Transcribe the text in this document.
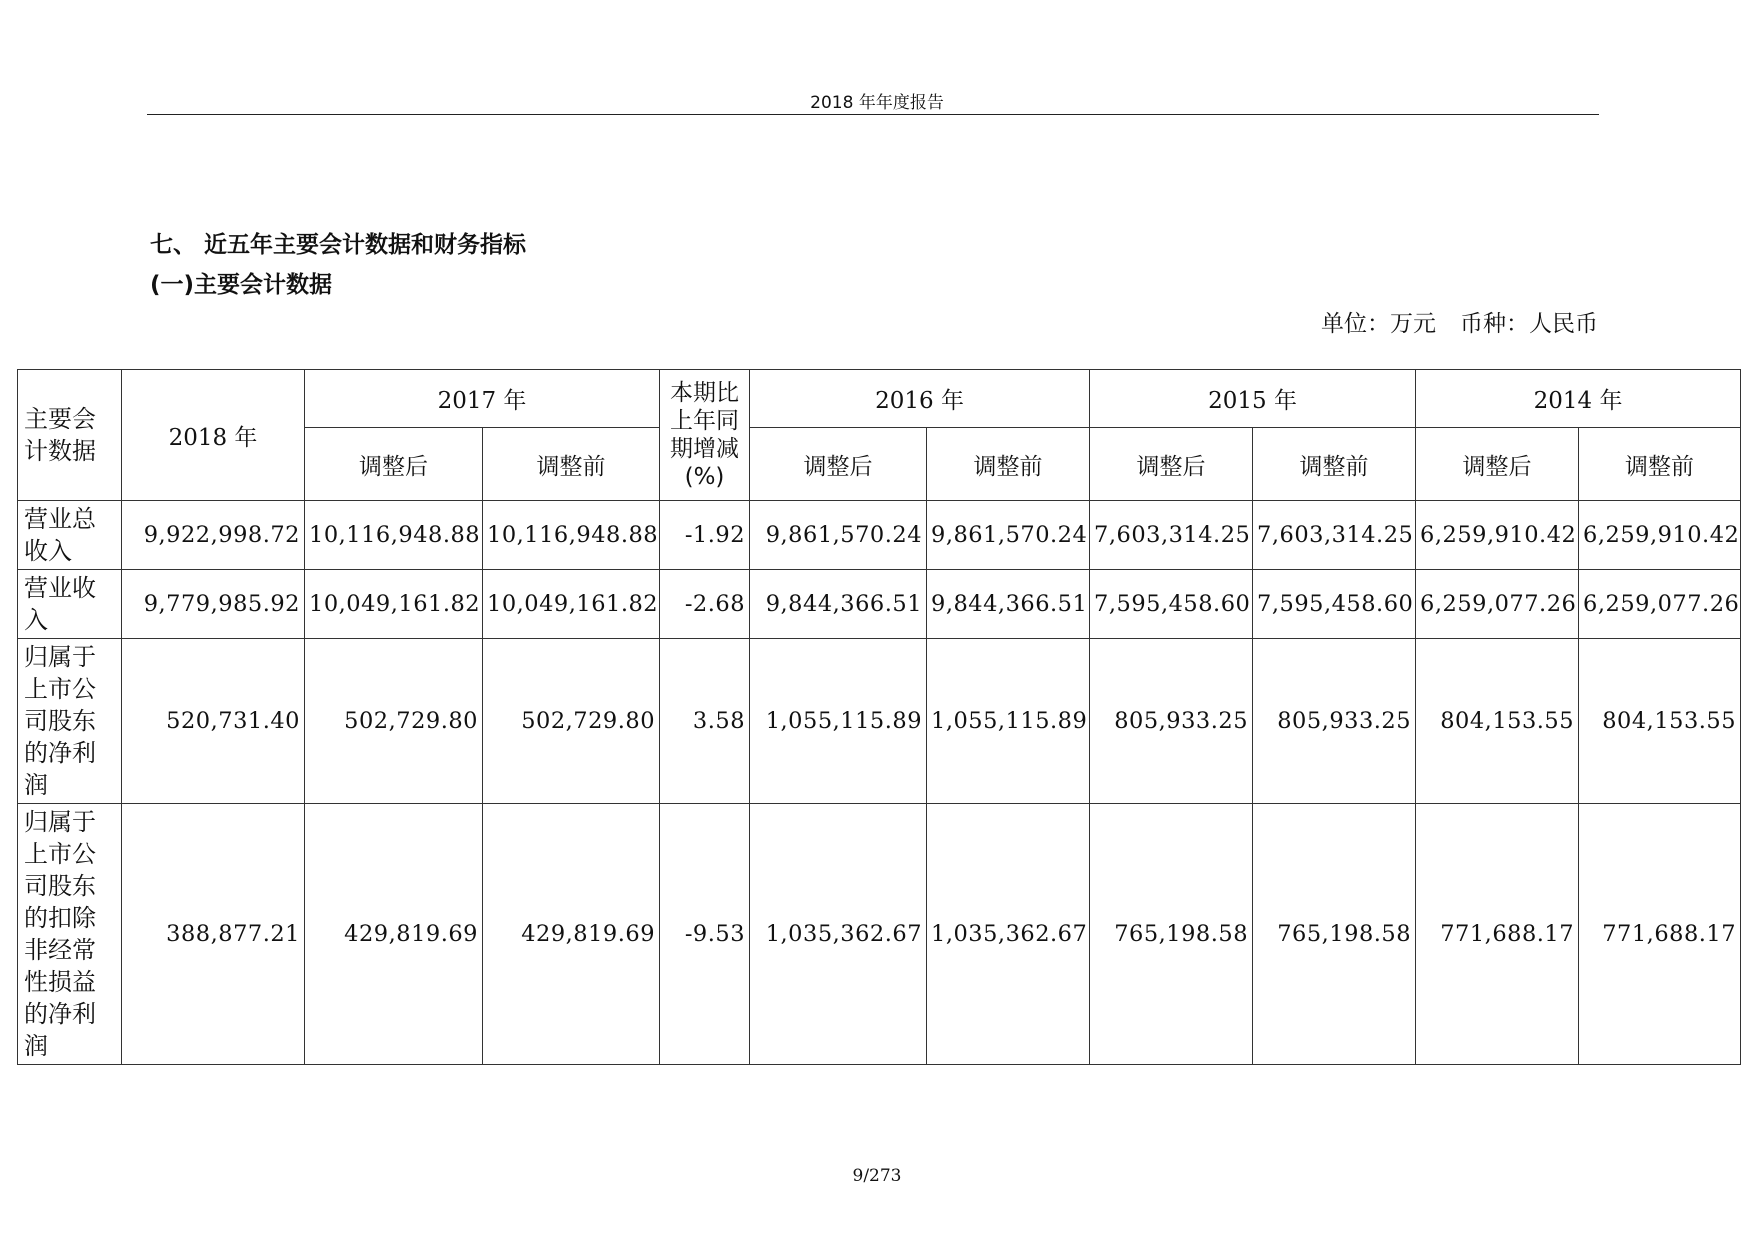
2018 年年度报告
七、 近五年主要会计数据和财务指标
(一)主要会计数据
单位：万元 币种：人民币
主要会计数据	2018 年	2017 年		本期比上年同期增减(%)	2016 年		2015 年		2014 年	
		调整后	调整前		调整后	调整前	调整后	调整前	调整后	调整前
营业总收入	9,922,998.72	10,116,948.88	10,116,948.88	-1.92	9,861,570.24	9,861,570.24	7,603,314.25	7,603,314.25	6,259,910.42	6,259,910.42
营业收入	9,779,985.92	10,049,161.82	10,049,161.82	-2.68	9,844,366.51	9,844,366.51	7,595,458.60	7,595,458.60	6,259,077.26	6,259,077.26
归属于上市公司股东的净利润	520,731.40	502,729.80	502,729.80	3.58	1,055,115.89	1,055,115.89	805,933.25	805,933.25	804,153.55	804,153.55
归属于上市公司股东的扣除非经常性损益的净利润	388,877.21	429,819.69	429,819.69	-9.53	1,035,362.67	1,035,362.67	765,198.58	765,198.58	771,688.17	771,688.17
9/273
